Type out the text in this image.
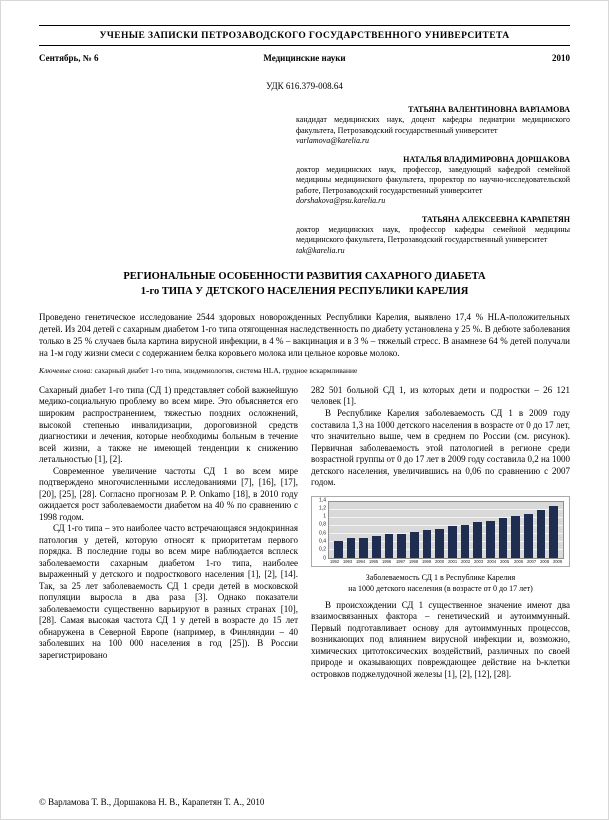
УЧЕНЫЕ ЗАПИСКИ ПЕТРОЗАВОДСКОГО ГОСУДАРСТВЕННОГО УНИВЕРСИТЕТА
Сентябрь, № 6	Медицинские науки	2010
УДК 616.379-008.64
ТАТЬЯНА ВАЛЕНТИНОВНА ВАРЛАМОВА
кандидат медицинских наук, доцент кафедры педиатрии медицинского факультета, Петрозаводский государственный университет
varlamova@karelia.ru
НАТАЛЬЯ ВЛАДИМИРОВНА ДОРШАКОВА
доктор медицинских наук, профессор, заведующий кафедрой семейной медицины медицинского факультета, проректор по научно-исследовательской работе, Петрозаводский государственный университет
dorshakova@psu.karelia.ru
ТАТЬЯНА АЛЕКСЕЕВНА КАРАПЕТЯН
доктор медицинских наук, профессор кафедры семейной медицины медицинского факультета, Петрозаводский государственный университет
tak@karelia.ru
РЕГИОНАЛЬНЫЕ ОСОБЕННОСТИ РАЗВИТИЯ САХАРНОГО ДИАБЕТА
1-го ТИПА У ДЕТСКОГО НАСЕЛЕНИЯ РЕСПУБЛИКИ КАРЕЛИЯ

Проведено генетическое исследование 2544 здоровых новорожденных Республики Карелия, выявлено 17,4 % HLA-положительных детей. Из 204 детей с сахарным диабетом 1-го типа отягощенная наследственность по диабету установлена у 25 %. В дебюте заболевания только в 25 % случаев была картина вирусной инфекции, в 4 % – вакцинация и в 3 % – тяжелый стресс. В анамнезе 64 % детей получали на 1-м году жизни смеси с содержанием белка коровьего молока или цельное коровье молоко.

Ключевые слова: сахарный диабет 1-го типа, эпидемиология, система HLA, грудное вскармливание

Сахарный диабет 1-го типа (СД 1) представляет собой важнейшую медико-социальную проблему во всем мире. Это объясняется его широким распространением, тяжестью поздних осложнений, высокой степенью инвалидизации, дороговизной средств диагностики и лечения, которые необходимы больным в течение всей жизни, а также не имеющей тенденции к снижению летальностью [1], [2].

Современное увеличение частоты СД 1 во всем мире подтверждено многочисленными исследованиями [7], [16], [17], [20], [25], [28]. Согласно прогнозам Р. Р. Onkamo [18], в 2010 году ожидается рост заболеваемости диабетом на 40 % по сравнению с 1998 годом.

СД 1-го типа – это наиболее часто встречающаяся эндокринная патология у детей, которую относят к приоритетам первого порядка. В последние годы во всем мире наблюдается всплеск заболеваемости сахарным диабетом 1-го типа, наиболее выраженный у детского и подросткового населения [1], [2], [14]. Так, за 25 лет заболеваемость СД 1 среди детей в московской популяции выросла в два раза [3]. Однако показатели заболеваемости существенно варьируют в разных странах [10], [28]. Самая высокая частота СД 1 у детей в возрасте до 15 лет обнаружена в Северной Европе (например, в Финляндии – 40 заболевших на 100 000 населения в год [25]). В России зарегистрировано

282 501 больной СД 1, из которых дети и подростки – 26 121 человек [1].

В Республике Карелия заболеваемость СД 1 в 2009 году составила 1,3 на 1000 детского населения в возрасте от 0 до 17 лет, что значительно выше, чем в среднем по России (см. рисунок). Первичная заболеваемость этой патологией в регионе среди возрастной группы от 0 до 17 лет в 2009 году составила 0,2 на 1000 детского населения, увеличившись на 0,06 по сравнению с 2007 годом.

0
0,2
0,4
0,6
0,8
1
1,2
1,4
1992 1993 1994 1995 1996 1997 1998 1999 2000 2001 2002 2003 2004 2005 2006 2007 2008 2009
Заболеваемость СД 1 в Республике Карелия
на 1000 детского населения (в возрасте от 0 до 17 лет)

В происхождении СД 1 существенное значение имеют два взаимосвязанных фактора – генетический и аутоиммунный. Первый подготавливает основу для аутоиммунных процессов, возникающих под влиянием вирусной инфекции и, возможно, химических цитотоксических воздействий, различных по своей природе и оказывающих повреждающее действие на b-клетки островков поджелудочной железы [1], [2], [12], [28].

© Варламова Т. В., Доршакова Н. В., Карапетян Т. А., 2010
